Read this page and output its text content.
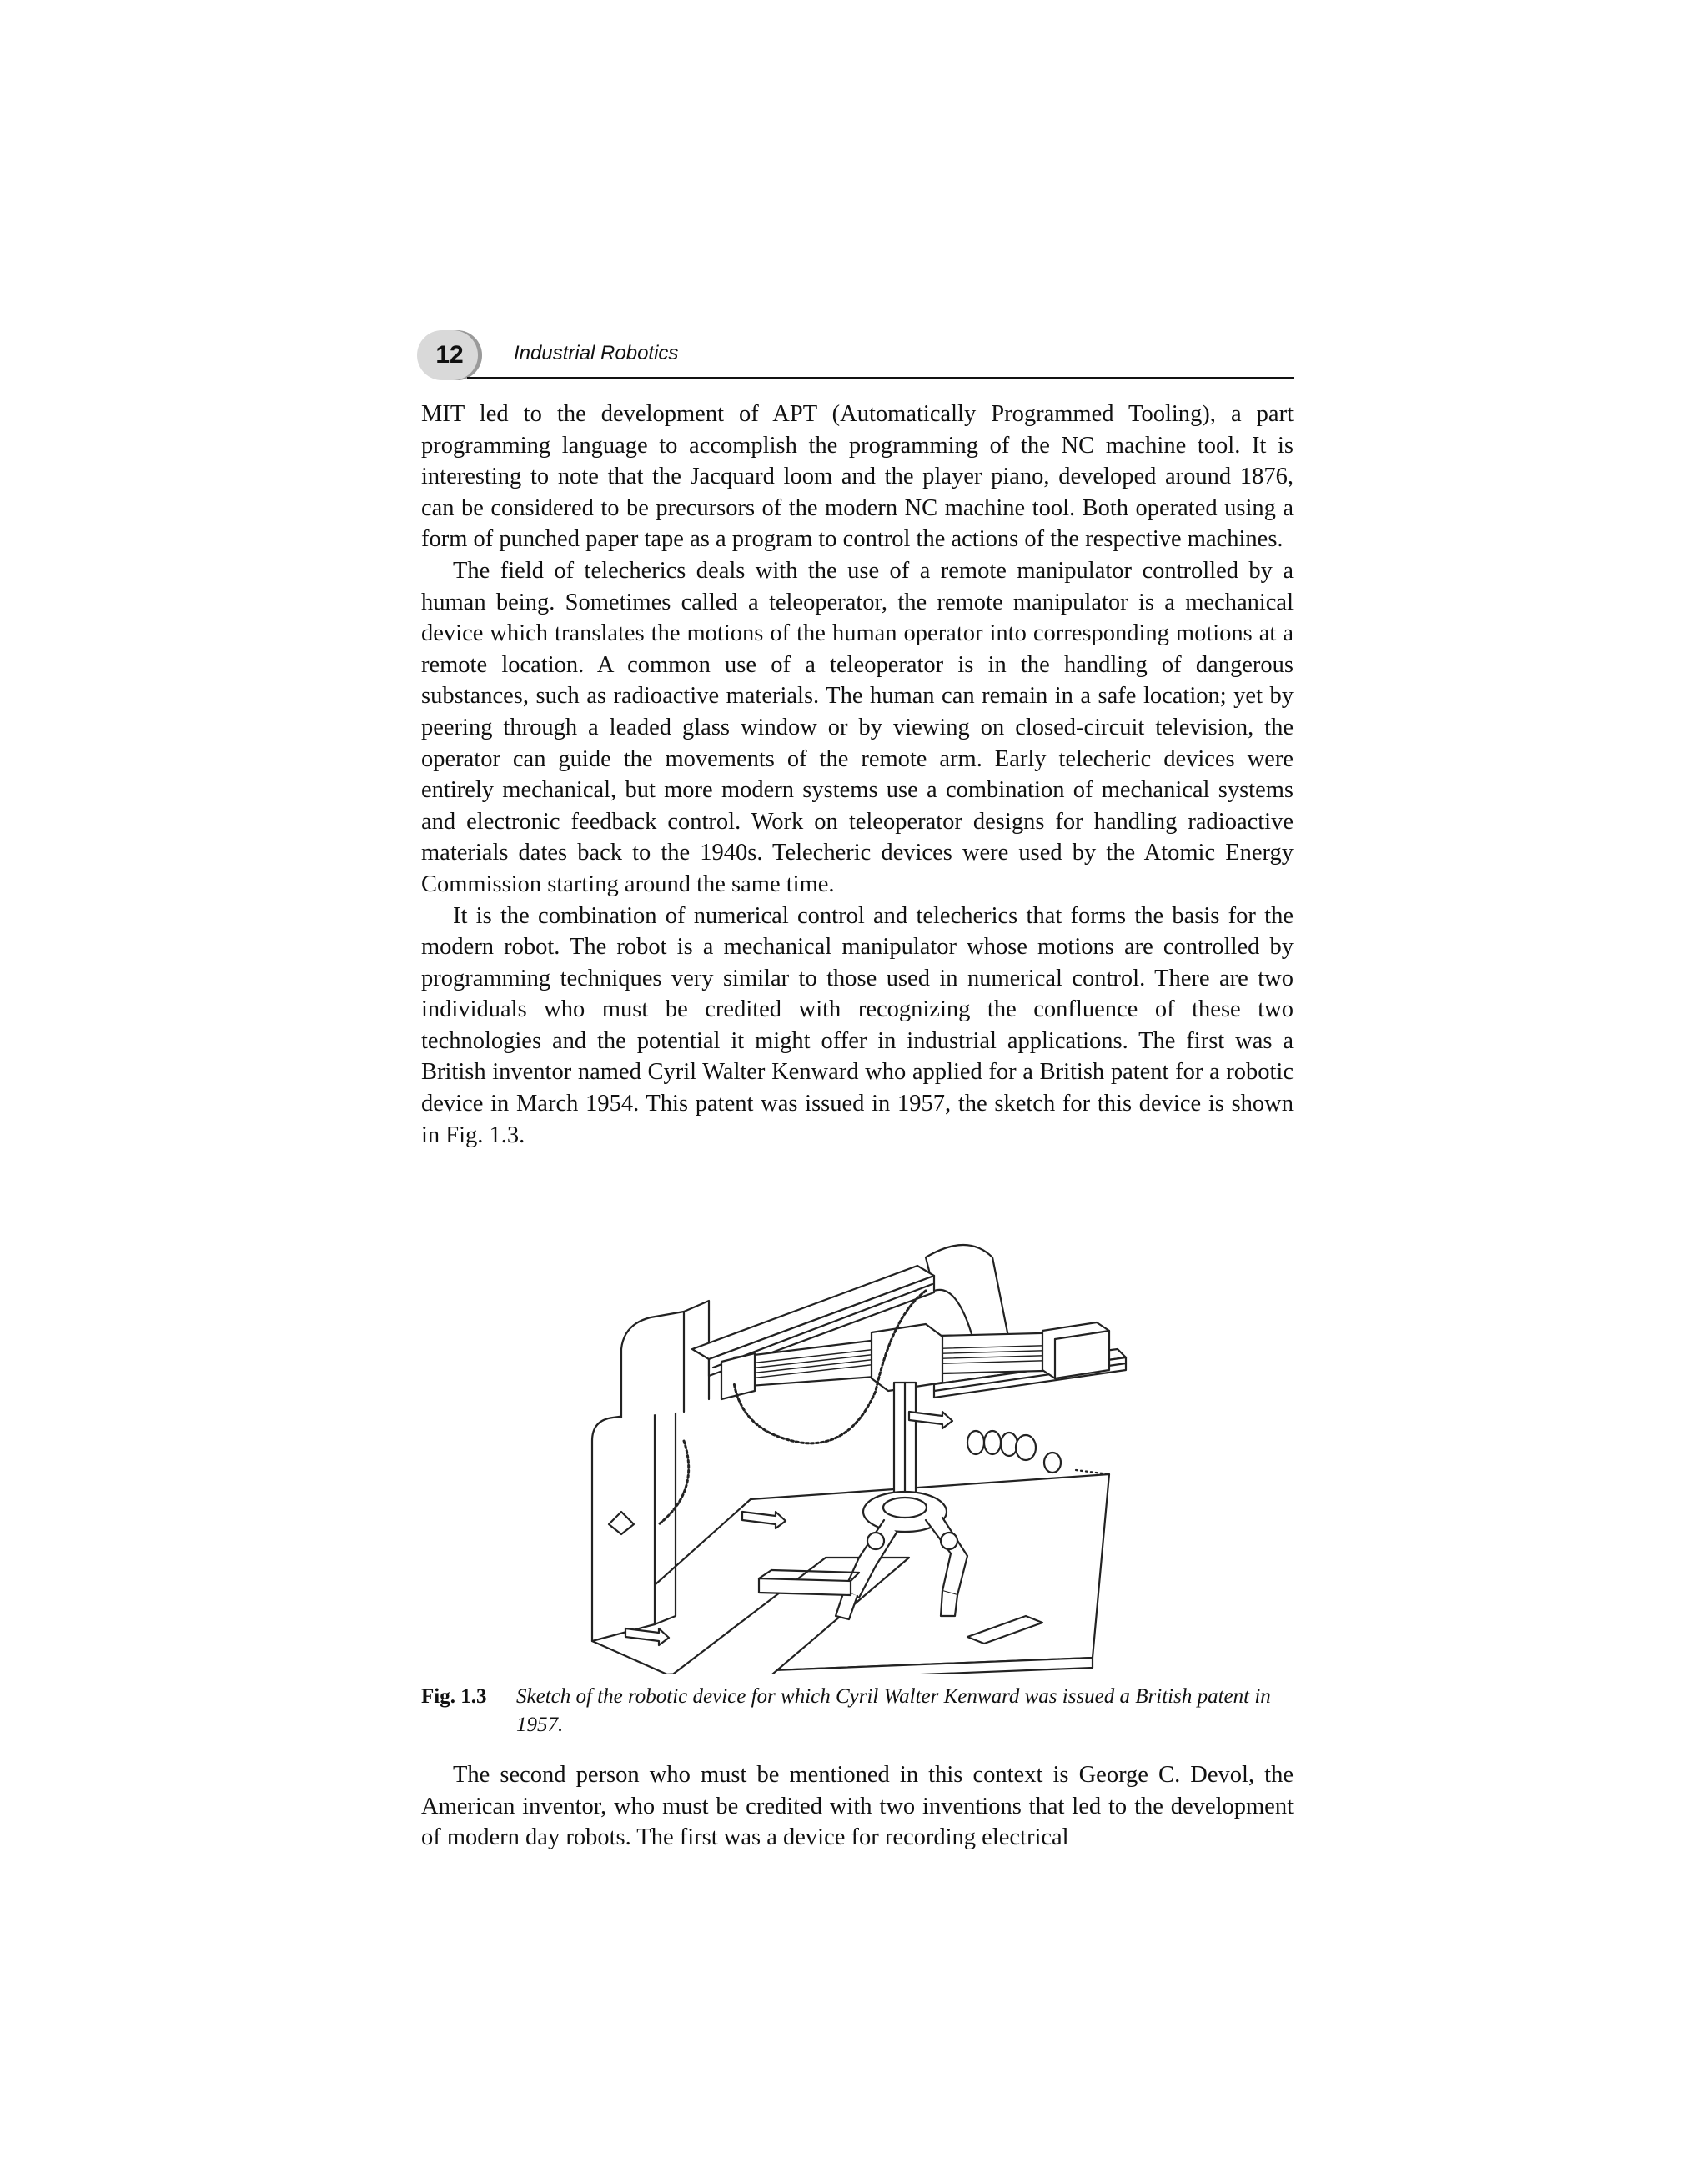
12	Industrial Robotics

MIT led to the development of APT (Automatically Programmed Tooling), a part programming language to accomplish the programming of the NC machine tool. It is interesting to note that the Jacquard loom and the player piano, developed around 1876, can be considered to be precursors of the modern NC machine tool. Both operated using a form of punched paper tape as a program to control the actions of the respective machines.

The field of telecherics deals with the use of a remote manipulator controlled by a human being. Sometimes called a teleoperator, the remote manipulator is a mechanical device which translates the motions of the human operator into corresponding motions at a remote location. A common use of a teleoperator is in the handling of dangerous substances, such as radioactive materials. The human can remain in a safe location; yet by peering through a leaded glass window or by viewing on closed-circuit television, the operator can guide the movements of the remote arm. Early telecheric devices were entirely mechanical, but more modern systems use a combination of mechanical systems and electronic feedback control. Work on teleoperator designs for handling radioactive materials dates back to the 1940s. Telecheric devices were used by the Atomic Energy Commission starting around the same time.

It is the combination of numerical control and telecherics that forms the basis for the modern robot. The robot is a mechanical manipulator whose motions are controlled by programming techniques very similar to those used in numerical control. There are two individuals who must be credited with recognizing the confluence of these two technologies and the potential it might offer in industrial applications. The first was a British inventor named Cyril Walter Kenward who applied for a British patent for a robotic device in March 1954. This patent was issued in 1957, the sketch for this device is shown in Fig. 1.3.

Fig. 1.3 Sketch of the robotic device for which Cyril Walter Kenward was issued a British patent in 1957.

The second person who must be mentioned in this context is George C. Devol, the American inventor, who must be credited with two inventions that led to the development of modern day robots. The first was a device for recording electrical
